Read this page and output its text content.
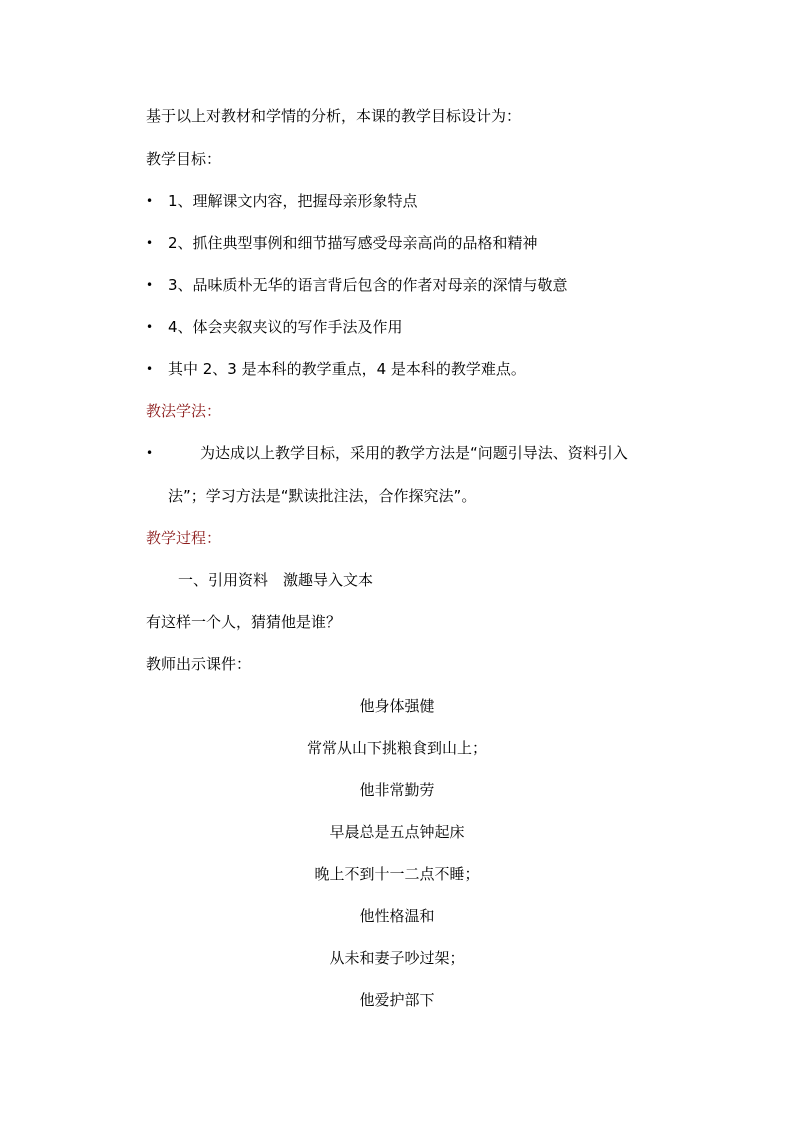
基于以上对教材和学情的分析，本课的教学目标设计为：
教学目标：
• 1、理解课文内容，把握母亲形象特点
• 2、抓住典型事例和细节描写感受母亲高尚的品格和精神
• 3、品味质朴无华的语言背后包含的作者对母亲的深情与敬意
• 4、体会夹叙夹议的写作手法及作用
• 其中 2、3 是本科的教学重点，4 是本科的教学难点。
教法学法：
•	为达成以上教学目标，采用的教学方法是“问题引导法、资料引入
法”；学习方法是“默读批注法，合作探究法”。
教学过程：
一、引用资料　激趣导入文本
有这样一个人，猜猜他是谁？
教师出示课件：
他身体强健
常常从山下挑粮食到山上；
他非常勤劳
早晨总是五点钟起床
晚上不到十一二点不睡；
他性格温和
从未和妻子吵过架；
他爱护部下
